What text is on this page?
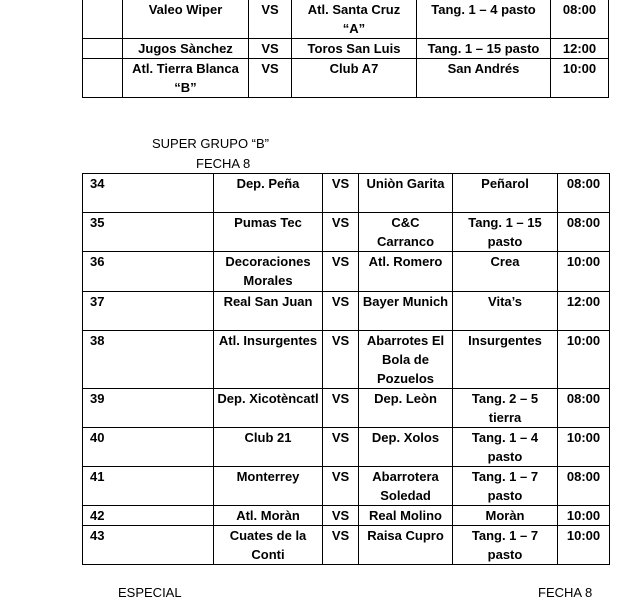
	Valeo Wiper	VS	Atl. Santa Cruz “A”	Tang. 1 – 4 pasto	08:00
	Jugos Sànchez	VS	Toros San Luis	Tang. 1 – 15 pasto	12:00
	Atl. Tierra Blanca “B”	VS	Club A7	San Andrés	10:00
SUPER GRUPO “B”
FECHA 8
34	Dep. Peña	VS	Uniòn Garita	Peñarol	08:00
35	Pumas Tec	VS	C&C Carranco	Tang. 1 – 15 pasto	08:00
36	Decoraciones Morales	VS	Atl. Romero	Crea	10:00
37	Real San Juan	VS	Bayer Munich	Vita’s	12:00
38	Atl. Insurgentes	VS	Abarrotes El Bola de Pozuelos	Insurgentes	10:00
39	Dep. Xicotèncatl	VS	Dep. Leòn	Tang. 2 – 5 tierra	08:00
40	Club 21	VS	Dep. Xolos	Tang. 1 – 4 pasto	10:00
41	Monterrey	VS	Abarrotera Soledad	Tang. 1 – 7 pasto	08:00
42	Atl. Moràn	VS	Real Molino	Moràn	10:00
43	Cuates de la Conti	VS	Raisa Cupro	Tang. 1 – 7 pasto	10:00
ESPECIAL	FECHA 8
